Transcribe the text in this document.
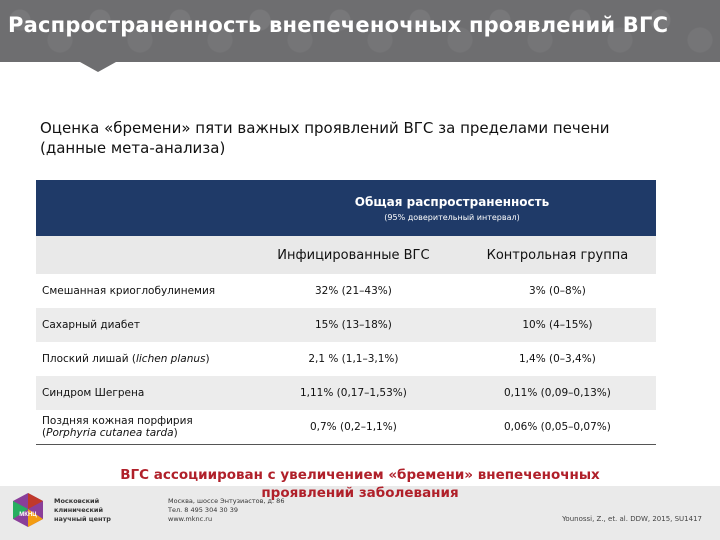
Распространенность внепеченочных проявлений ВГС
Оценка «бремени» пяти важных проявлений ВГС за пределами печени
(данные мета-анализа)

	Общая распространенность
(95% доверительный интервал)	

	Инфицированные ВГС	Контрольная группа
Смешанная криоглобулинемия	32% (21–43%)	3% (0–8%)
Сахарный диабет	15% (13–18%)	10% (4–15%)
Плоский лишай (lichen planus)	2,1 % (1,1–3,1%)	1,4% (0–3,4%)
Синдром Шегрена	1,11% (0,17–1,53%)	0,11% (0,09–0,13%)
Поздняя кожная порфирия
(Porphyria cutanea tarda)	0,7% (0,2–1,1%)	0,06% (0,05–0,07%)
МКНЦ
Московский
клинический
научный центр
Москва, шоссе Энтузиастов, д. 86
Тел. 8 495 304 30 39
www.mknc.ru	Younossi, Z., et. al. DDW, 2015, SU1417
ВГС ассоциирован с увеличением «бремени» внепеченочных
проявлений заболевания
